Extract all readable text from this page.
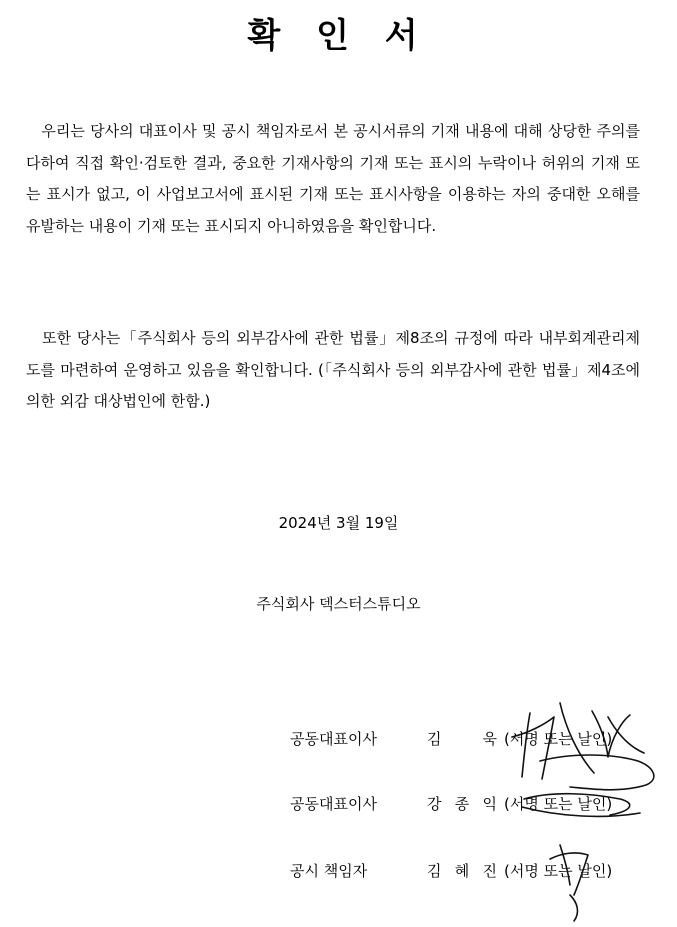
확 인 서
　우리는 당사의 대표이사 및 공시 책임자로서 본 공시서류의 기재 내용에 대해 상당한 주의를 다하여 직접 확인·검토한 결과, 중요한 기재사항의 기재 또는 표시의 누락이나 허위의 기재 또는 표시가 없고, 이 사업보고서에 표시된 기재 또는 표시사항을 이용하는 자의 중대한 오해를 유발하는 내용이 기재 또는 표시되지 아니하였음을 확인합니다.
　또한 당사는「주식회사 등의 외부감사에 관한 법률」제8조의 규정에 따라 내부회계관리제도를 마련하여 운영하고 있음을 확인합니다. (「주식회사 등의 외부감사에 관한 법률」제4조에 의한 외감 대상법인에 한함.)
2024년 3월 19일
주식회사 덱스터스튜디오
공동대표이사	김 욱 (서명 또는 날인)
공동대표이사	강 종 익 (서명 또는 날인)
공시 책임자	김 혜 진 (서명 또는 날인)
